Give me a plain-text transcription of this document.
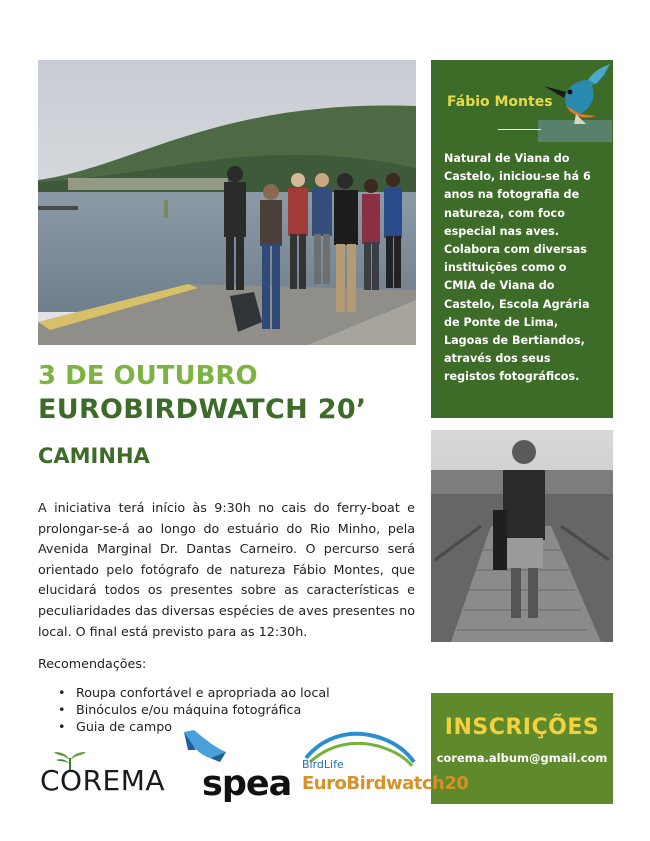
Fábio Montes
Natural de Viana do
Castelo, iniciou-se há 6
anos na fotografia de
natureza, com foco
especial nas aves.
Colabora com diversas
instituições como o
CMIA de Viana do
Castelo, Escola Agrária
de Ponte de Lima,
Lagoas de Bertiandos,
através dos seus
registos fotográficos.
3 DE OUTUBRO
EUROBIRDWATCH 20’
CAMINHA
A iniciativa terá início às 9:30h no cais do ferry-boat e prolongar-se-á ao longo do estuário do Rio Minho, pela Avenida Marginal Dr. Dantas Carneiro. O percurso será orientado pelo fotógrafo de natureza Fábio Montes, que elucidará todos os presentes sobre as características e peculiaridades das diversas espécies de aves presentes no local. O final está previsto para as 12:30h.
Recomendações:
• Roupa confortável e apropriada ao local
• Binóculos e/ou máquina fotográfica
• Guia de campo	INSCRIÇÕES
corema.album@gmail.com
COREMA spea BirdLife
EuroBirdwatch20
